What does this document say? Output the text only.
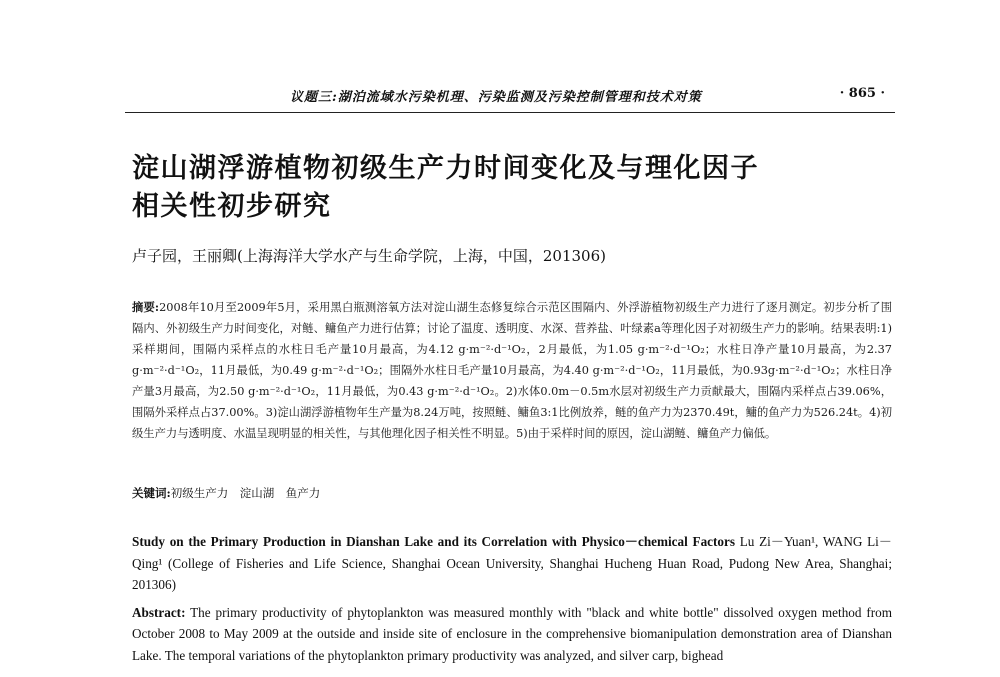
议题三:湖泊流域水污染机理、污染监测及污染控制管理和技术对策	· 865 ·
淀山湖浮游植物初级生产力时间变化及与理化因子
相关性初步研究
卢子园，王丽卿(上海海洋大学水产与生命学院，上海，中国，201306)
摘要:2008年10月至2009年5月，采用黑白瓶测溶氧方法对淀山湖生态修复综合示范区围隔内、外浮游植物初级生产力进行了逐月测定。初步分析了围隔内、外初级生产力时间变化，对鲢、鳙鱼产力进行估算；讨论了温度、透明度、水深、营养盐、叶绿素a等理化因子对初级生产力的影响。结果表明:1)采样期间，围隔内采样点的水柱日毛产量10月最高，为4.12 g·m⁻²·d⁻¹O₂，2月最低，为1.05 g·m⁻²·d⁻¹O₂；水柱日净产量10月最高，为2.37 g·m⁻²·d⁻¹O₂，11月最低，为0.49 g·m⁻²·d⁻¹O₂；围隔外水柱日毛产量10月最高，为4.40 g·m⁻²·d⁻¹O₂，11月最低，为0.93g·m⁻²·d⁻¹O₂；水柱日净产量3月最高，为2.50 g·m⁻²·d⁻¹O₂，11月最低，为0.43 g·m⁻²·d⁻¹O₂。2)水体0.0m－0.5m水层对初级生产力贡献最大，围隔内采样点占39.06%，围隔外采样点占37.00%。3)淀山湖浮游植物年生产量为8.24万吨，按照鲢、鳙鱼3:1比例放养，鲢的鱼产力为2370.49t，鳙的鱼产力为526.24t。4)初级生产力与透明度、水温呈现明显的相关性，与其他理化因子相关性不明显。5)由于采样时间的原因，淀山湖鲢、鳙鱼产力偏低。
关键词:初级生产力　淀山湖　鱼产力
Study on the Primary Production in Dianshan Lake and its Correlation with Physico－chemical Factors Lu Zi－Yuan¹, WANG Li－Qing¹ (College of Fisheries and Life Science, Shanghai Ocean University, Shanghai Hucheng Huan Road, Pudong New Area, Shanghai; 201306)
Abstract: The primary productivity of phytoplankton was measured monthly with "black and white bottle" dissolved oxygen method from October 2008 to May 2009 at the outside and inside site of enclosure in the comprehensive biomanipulation demonstration area of Dianshan Lake. The temporal variations of the phytoplankton primary productivity was analyzed, and silver carp, bighead
